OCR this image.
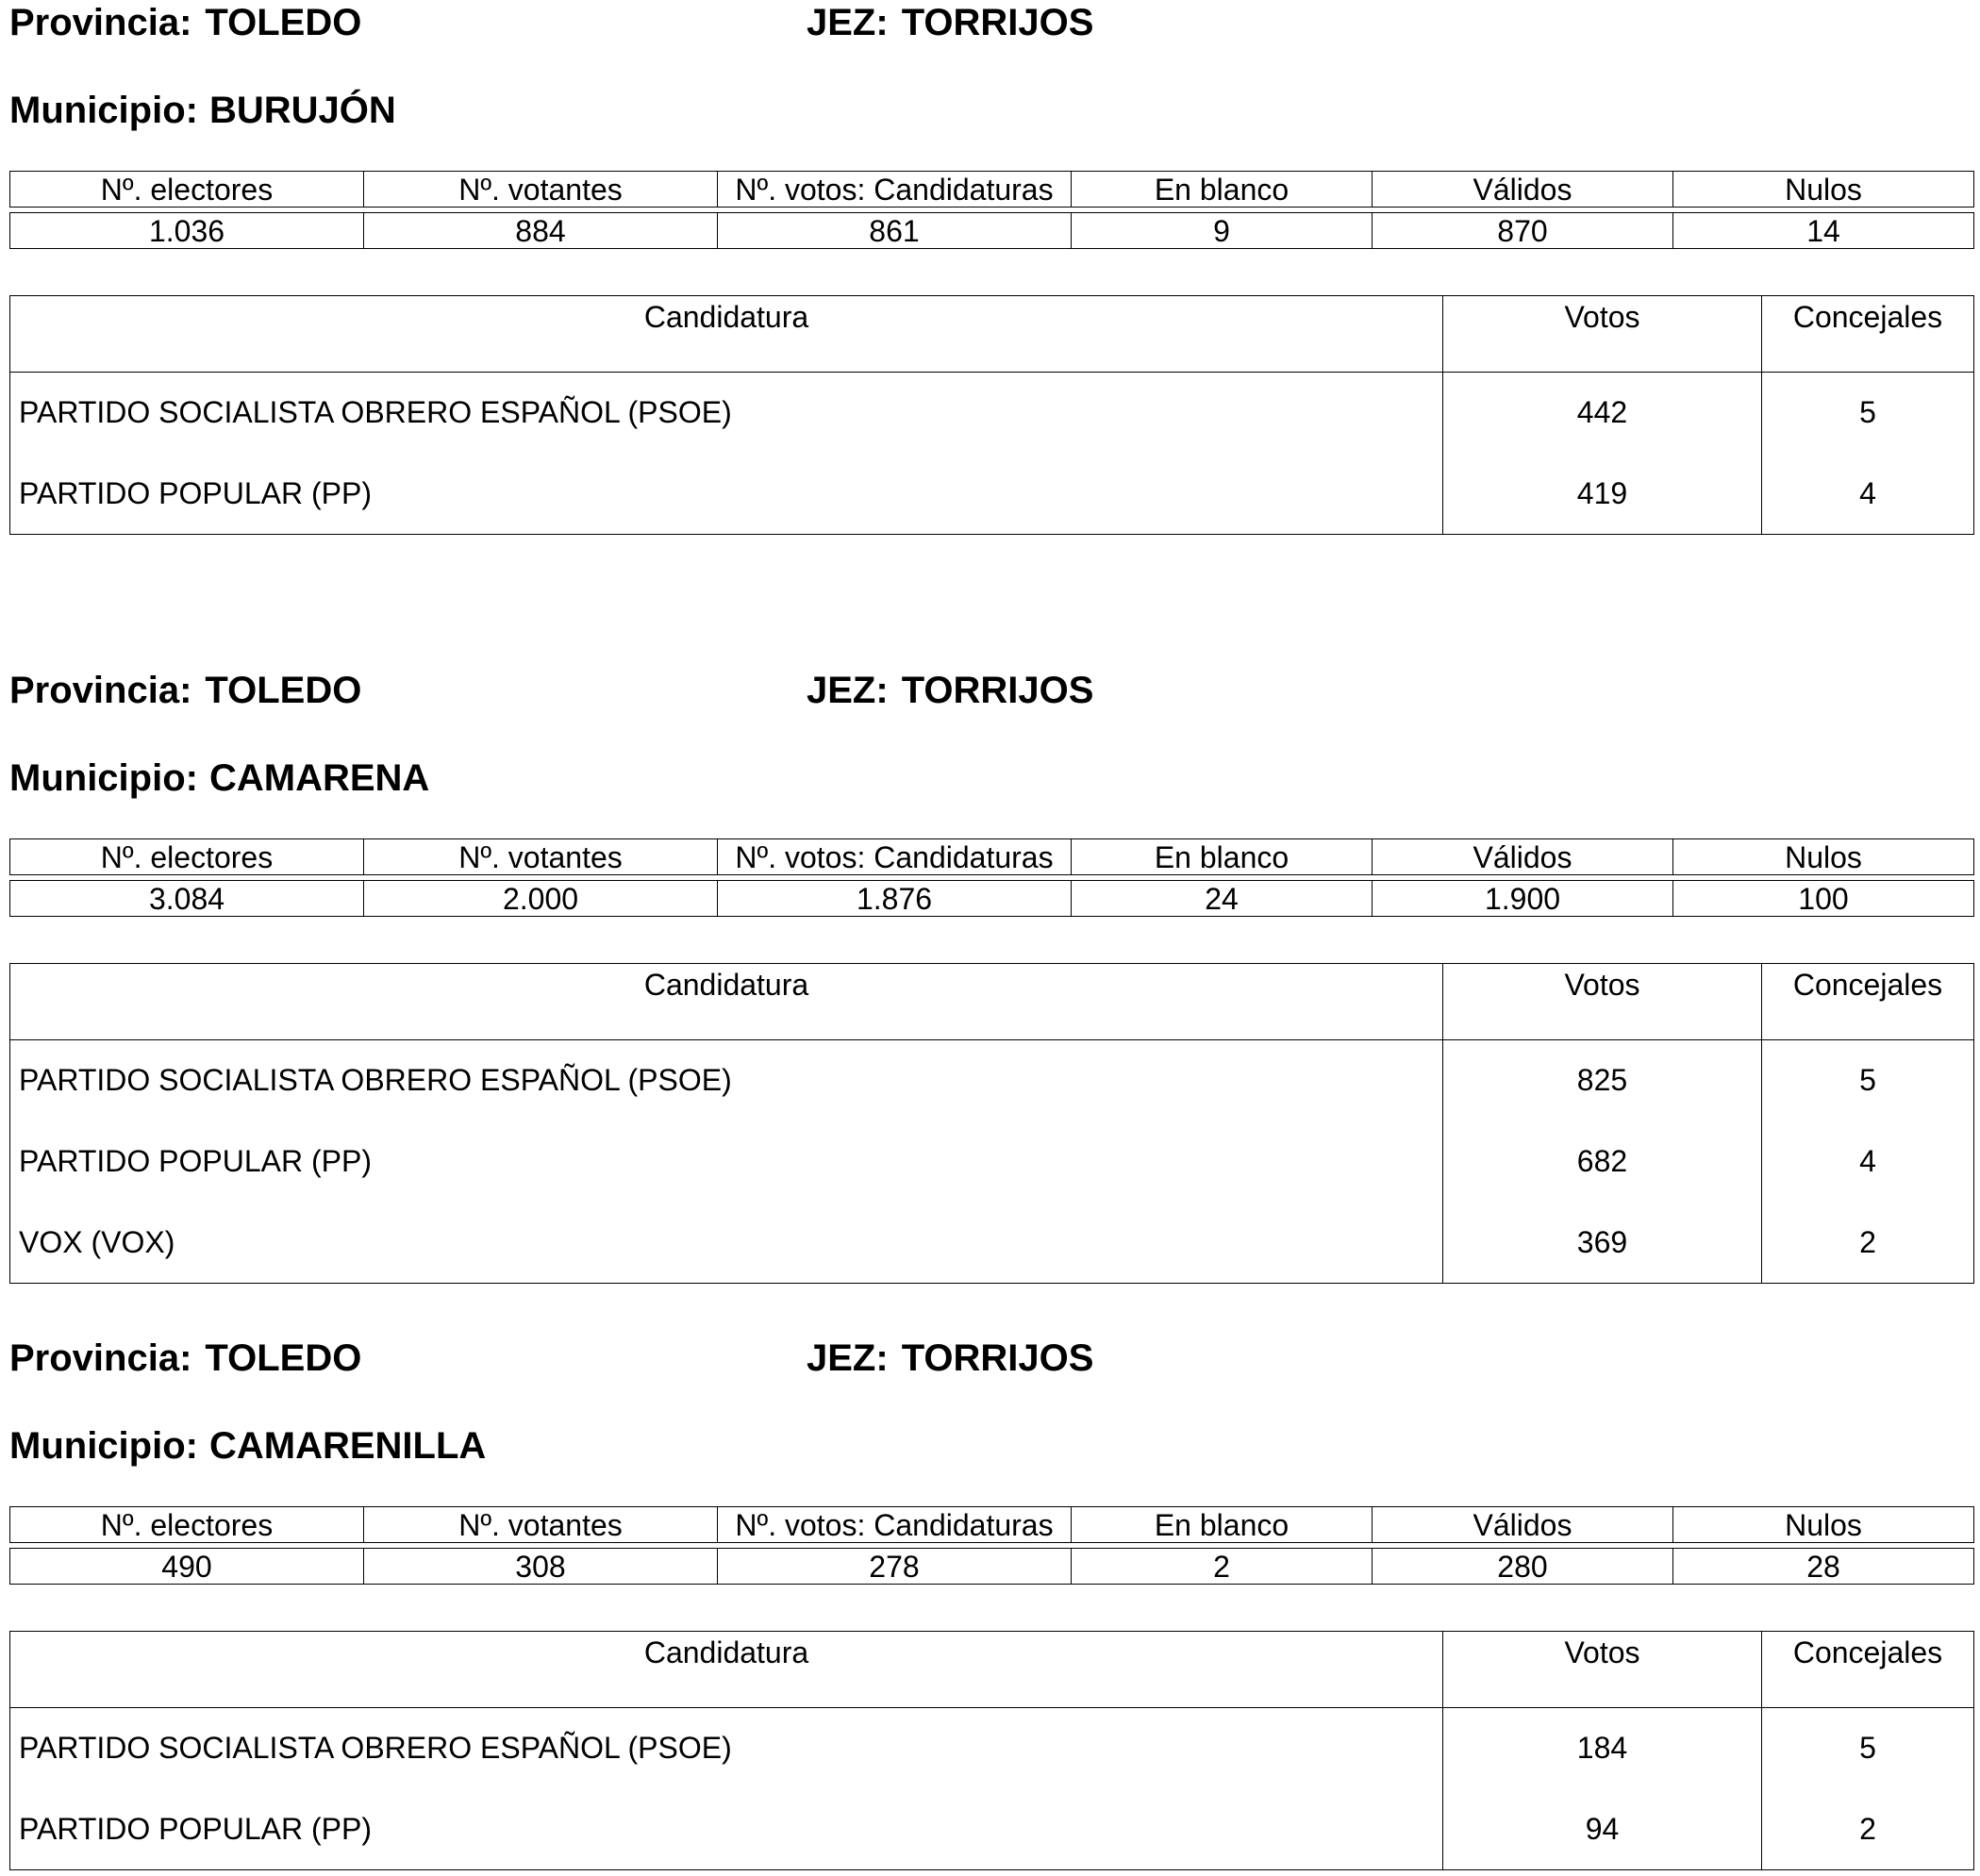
Provincia: TOLEDO	JEZ: TORRIJOS
Municipio: BURUJÓN
Nº. electores	Nº. votantes	Nº. votos: Candidaturas	En blanco	Válidos	Nulos

1.036	884	861	9	870	14
Candidatura	Votos	Concejales
PARTIDO SOCIALISTA OBRERO ESPAÑOL (PSOE)	442	5
PARTIDO POPULAR (PP)	419	4
Provincia: TOLEDO	JEZ: TORRIJOS
Municipio: CAMARENA
Nº. electores	Nº. votantes	Nº. votos: Candidaturas	En blanco	Válidos	Nulos

3.084	2.000	1.876	24	1.900	100
Candidatura	Votos	Concejales
PARTIDO SOCIALISTA OBRERO ESPAÑOL (PSOE)	825	5
PARTIDO POPULAR (PP)	682	4
VOX (VOX)	369	2
Provincia: TOLEDO	JEZ: TORRIJOS
Municipio: CAMARENILLA
Nº. electores	Nº. votantes	Nº. votos: Candidaturas	En blanco	Válidos	Nulos

490	308	278	2	280	28
Candidatura	Votos	Concejales
PARTIDO SOCIALISTA OBRERO ESPAÑOL (PSOE)	184	5
PARTIDO POPULAR (PP)	94	2
